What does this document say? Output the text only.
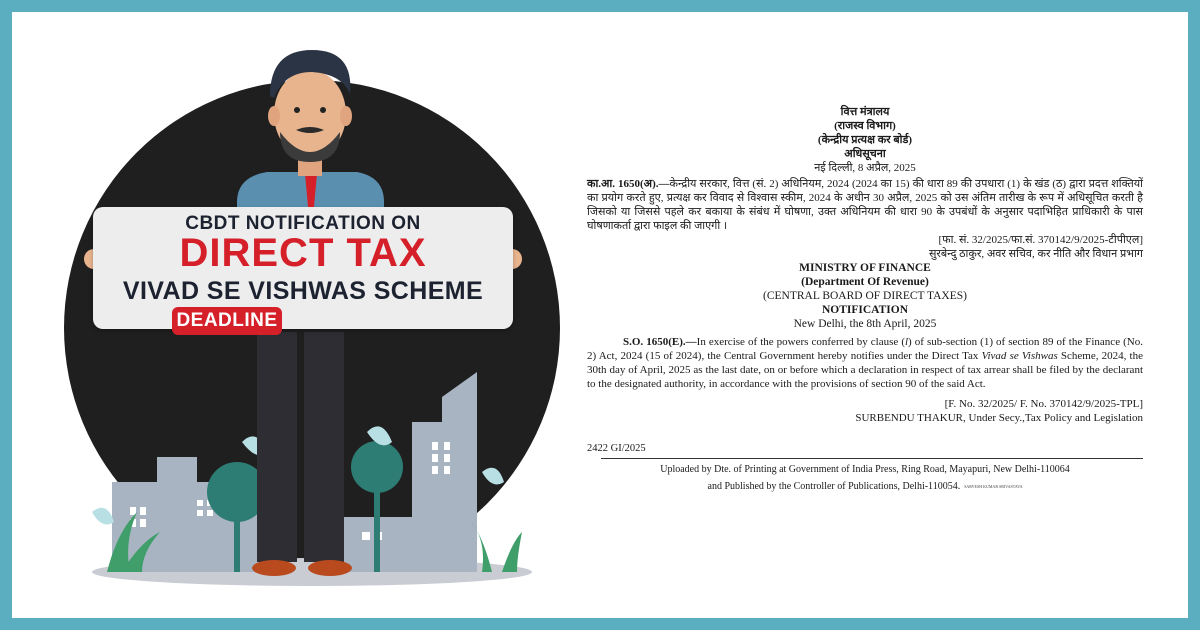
CBDT NOTIFICATION ON
DIRECT TAX
VIVAD SE VISHWAS SCHEME
DEADLINE
वित्त मंत्रालय
(राजस्व विभाग)
(केन्द्रीय प्रत्यक्ष कर बोर्ड)
अधिसूचना
नई दिल्ली, 8 अप्रैल, 2025
का.आ. 1650(अ).—केन्द्रीय सरकार, वित्त (सं. 2) अधिनियम, 2024 (2024 का 15) की धारा 89 की उपधारा (1) के खंड (ठ) द्वारा प्रदत्त शक्तियों का प्रयोग करते हुए, प्रत्यक्ष कर विवाद से विश्वास स्कीम, 2024 के अधीन 30 अप्रैल, 2025 को उस अंतिम तारीख के रूप में अधिसूचित करती है जिसको या जिससे पहले कर बकाया के संबंध में घोषणा, उक्त अधिनियम की धारा 90 के उपबंधों के अनुसार पदाभिहित प्राधिकारी के पास घोषणाकर्ता द्वारा फाइल की जाएगी ।
[फा. सं. 32/2025/फा.सं. 370142/9/2025-टीपीएल]
सुरबेन्दु ठाकुर, अवर सचिव, कर नीति और विधान प्रभाग
MINISTRY OF FINANCE
(Department Of Revenue)
(CENTRAL BOARD OF DIRECT TAXES)
NOTIFICATION
New Delhi, the 8th April, 2025
S.O. 1650(E).—In exercise of the powers conferred by clause (l) of sub-section (1) of section 89 of the Finance (No. 2) Act, 2024 (15 of 2024), the Central Government hereby notifies under the Direct Tax Vivad se Vishwas Scheme, 2024, the 30th day of April, 2025 as the last date, on or before which a declaration in respect of tax arrear shall be filed by the declarant to the designated authority, in accordance with the provisions of section 90 of the said Act.
[F. No. 32/2025/ F. No. 370142/9/2025-TPL]
SURBENDU THAKUR, Under Secy.,Tax Policy and Legislation
2422 GI/2025
Uploaded by Dte. of Printing at Government of India Press, Ring Road, Mayapuri, New Delhi-110064
and Published by the Controller of Publications, Delhi-110054. SARVESH KUMAR SRIVASTAVA
